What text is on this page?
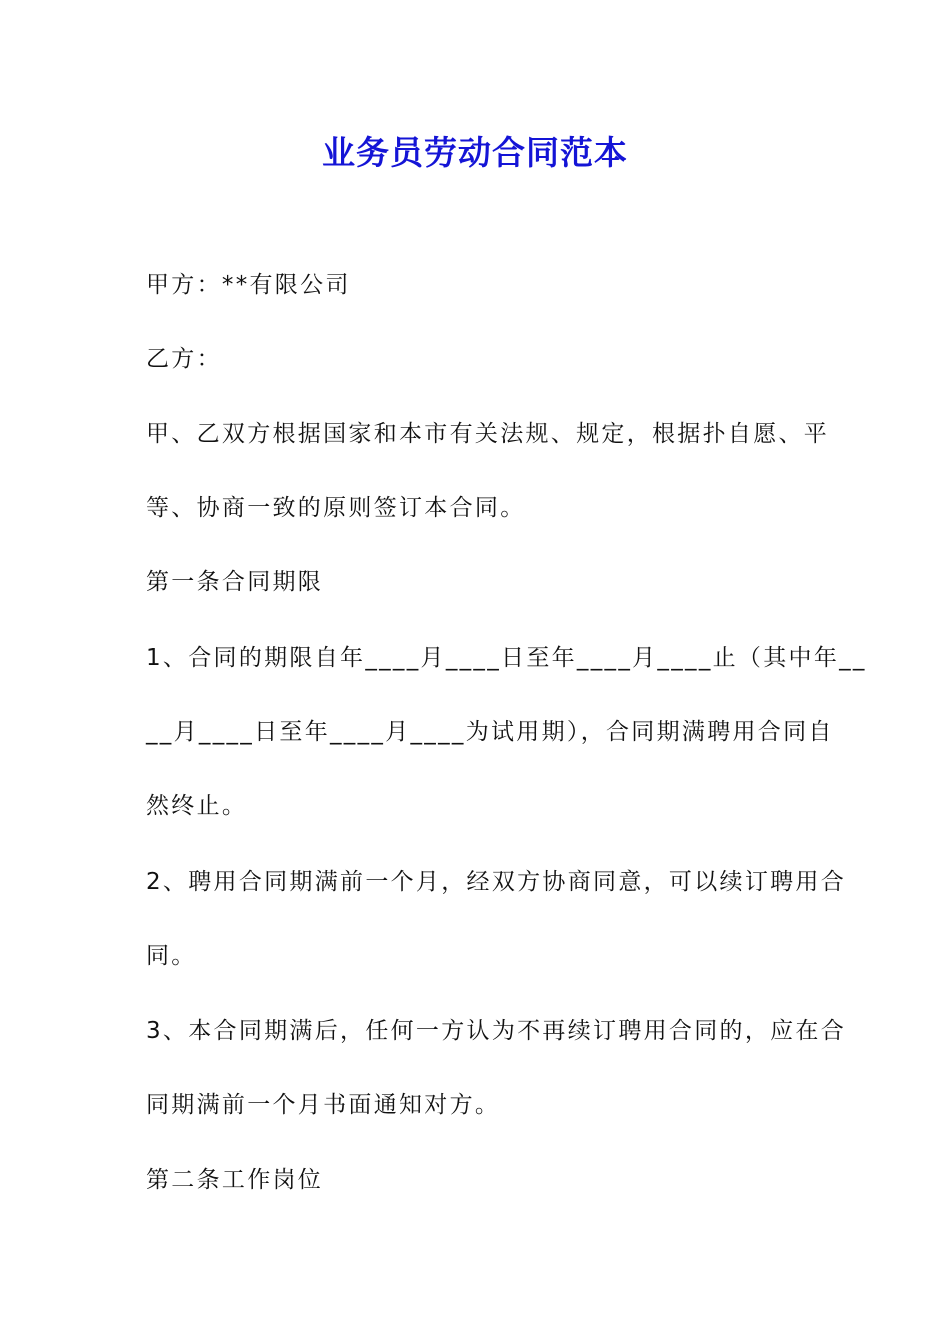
业务员劳动合同范本

甲方：**有限公司

乙方：

甲、乙双方根据国家和本市有关法规、规定，根据扑自愿、平
等、协商一致的原则签订本合同。

第一条合同期限

1、合同的期限自年____月____日至年____月____止（其中年__
__月____日至年____月____为试用期），合同期满聘用合同自
然终止。
2、聘用合同期满前一个月，经双方协商同意，可以续订聘用合
同。
3、本合同期满后，任何一方认为不再续订聘用合同的，应在合
同期满前一个月书面通知对方。

第二条工作岗位
